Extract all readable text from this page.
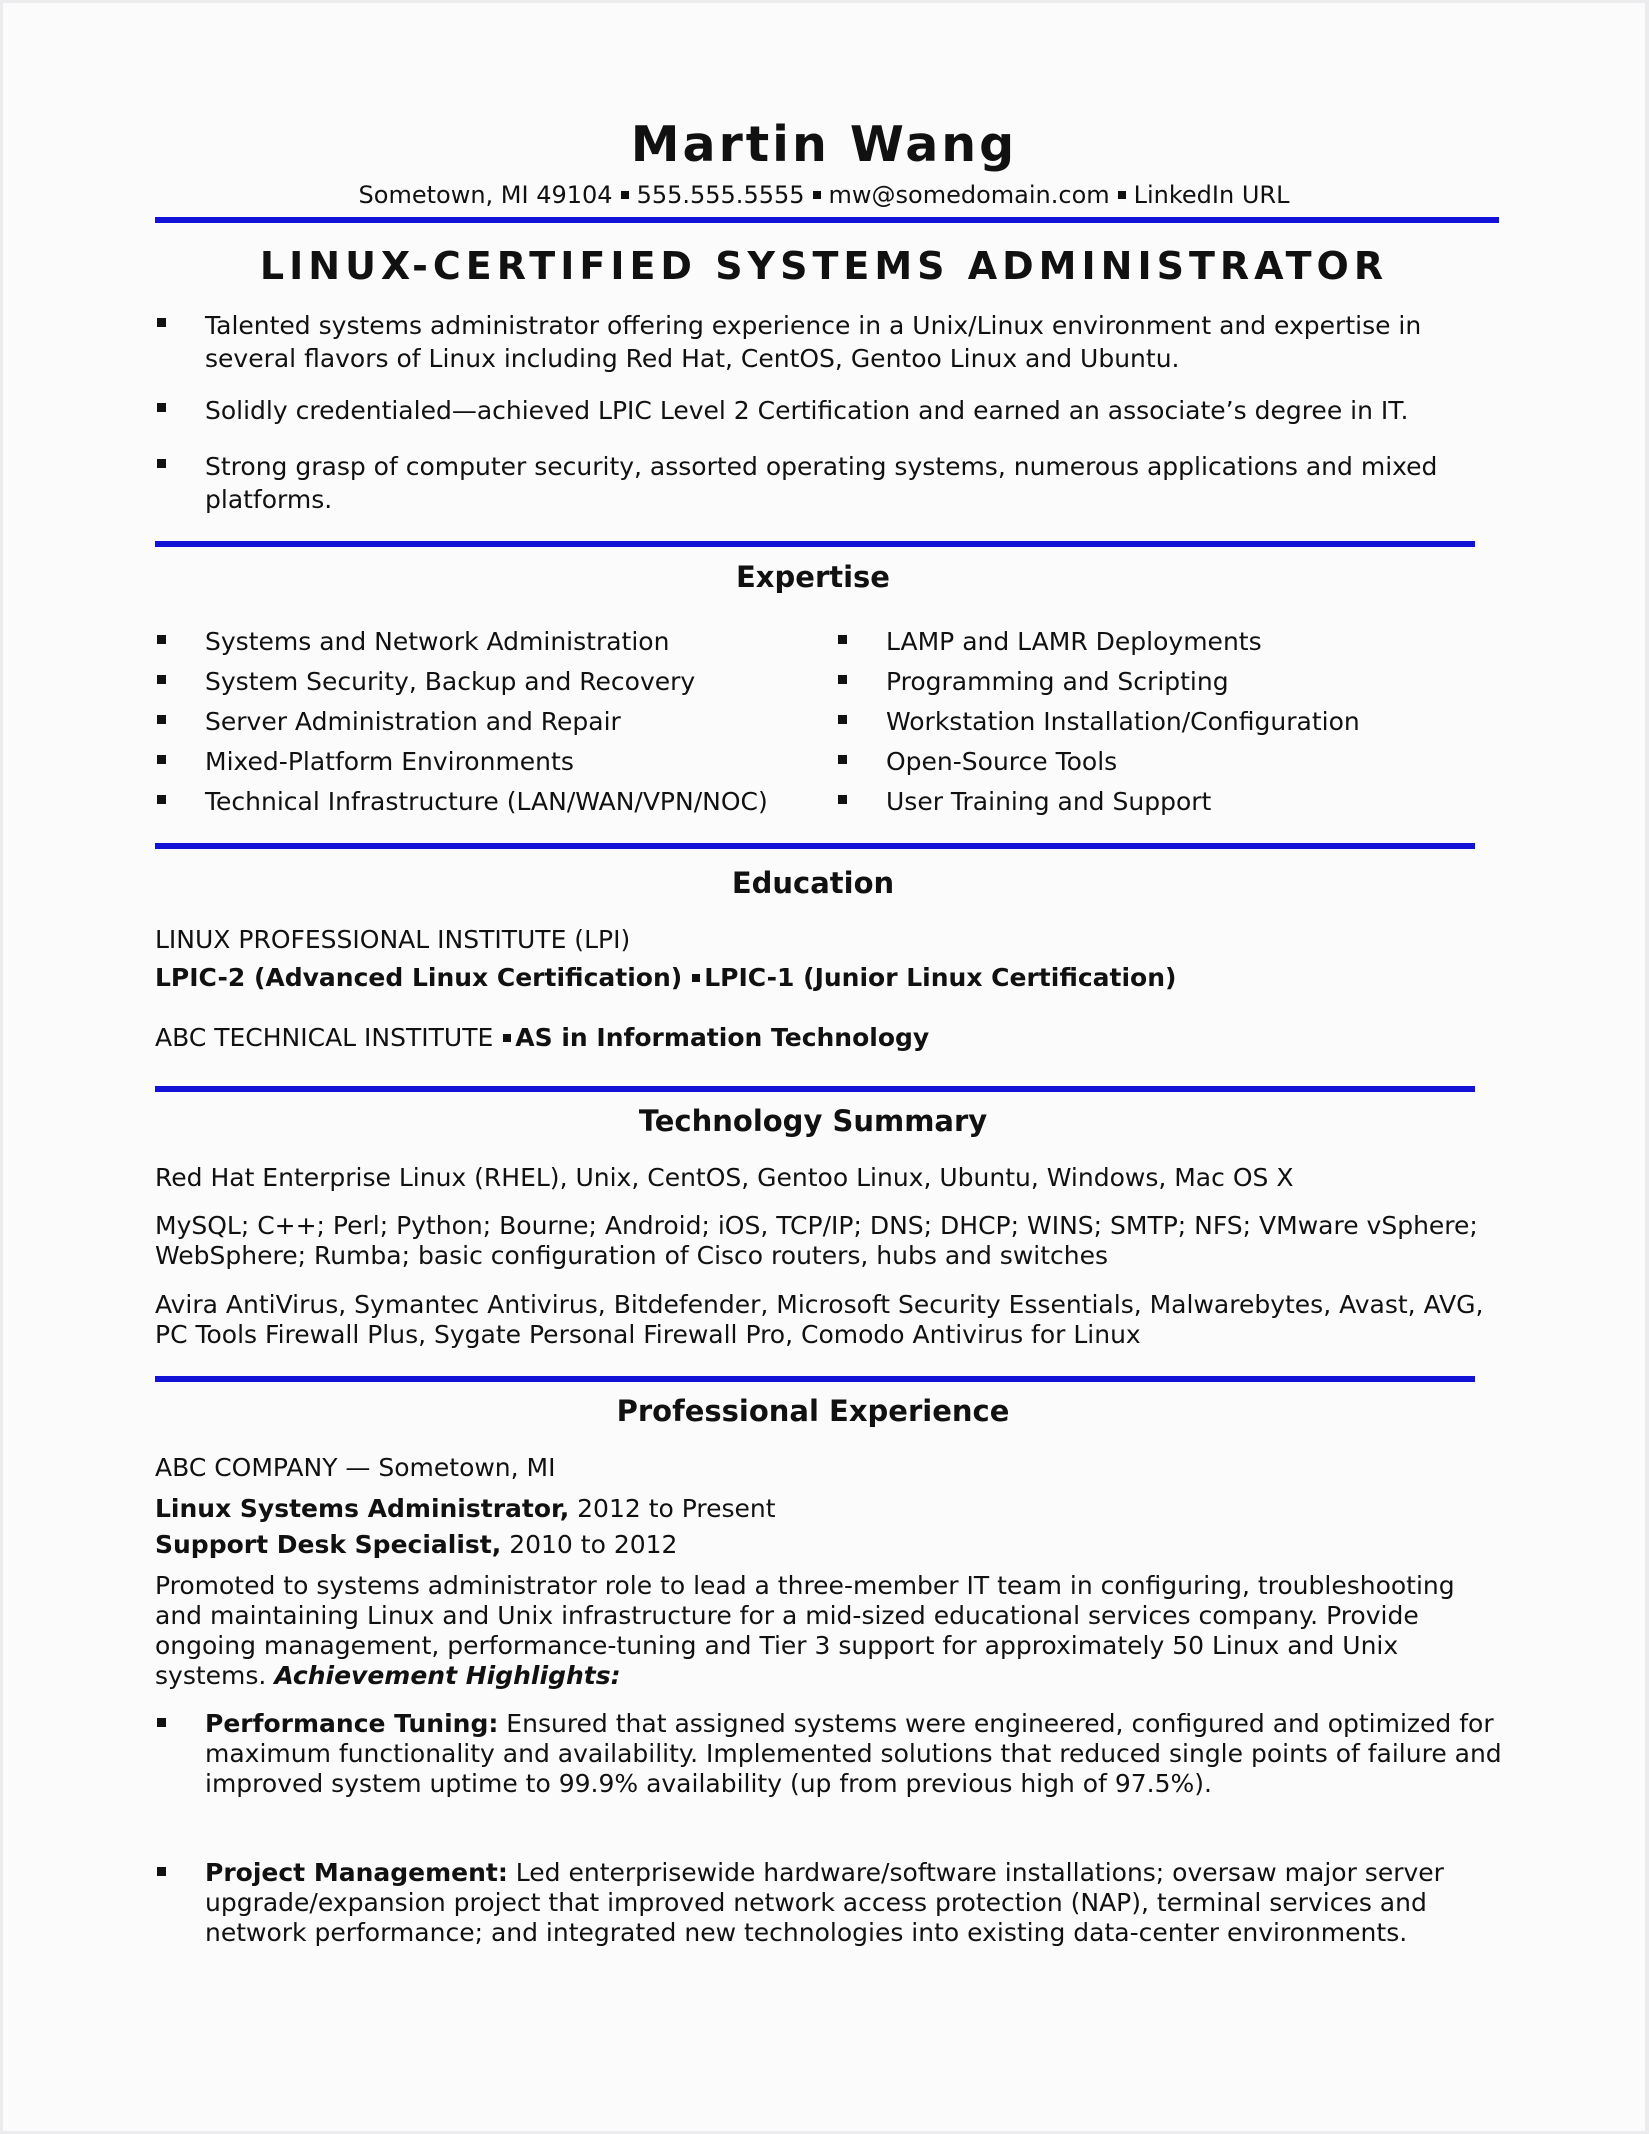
Martin Wang
Sometown, MI 49104 555.555.5555 mw@somedomain.com LinkedIn URL
LINUX-CERTIFIED SYSTEMS ADMINISTRATOR
Talented systems administrator offering experience in a Unix/Linux environment and expertise in several flavors of Linux including Red Hat, CentOS, Gentoo Linux and Ubuntu.
Solidly credentialed—achieved LPIC Level 2 Certification and earned an associate’s degree in IT.
Strong grasp of computer security, assorted operating systems, numerous applications and mixed platforms.
Expertise
Systems and Network Administration
System Security, Backup and Recovery
Server Administration and Repair
Mixed-Platform Environments
Technical Infrastructure (LAN/WAN/VPN/NOC)
LAMP and LAMR Deployments
Programming and Scripting
Workstation Installation/Configuration
Open-Source Tools
User Training and Support
Education
LINUX PROFESSIONAL INSTITUTE (LPI)
LPIC-2 (Advanced Linux Certification) LPIC-1 (Junior Linux Certification)
ABC TECHNICAL INSTITUTE AS in Information Technology
Technology Summary
Red Hat Enterprise Linux (RHEL), Unix, CentOS, Gentoo Linux, Ubuntu, Windows, Mac OS X
MySQL; C++; Perl; Python; Bourne; Android; iOS, TCP/IP; DNS; DHCP; WINS; SMTP; NFS; VMware vSphere; WebSphere; Rumba; basic configuration of Cisco routers, hubs and switches
Avira AntiVirus, Symantec Antivirus, Bitdefender, Microsoft Security Essentials, Malwarebytes, Avast, AVG, PC Tools Firewall Plus, Sygate Personal Firewall Pro, Comodo Antivirus for Linux
Professional Experience
ABC COMPANY — Sometown, MI
Linux Systems Administrator, 2012 to Present
Support Desk Specialist, 2010 to 2012
Promoted to systems administrator role to lead a three-member IT team in configuring, troubleshooting and maintaining Linux and Unix infrastructure for a mid-sized educational services company. Provide ongoing management, performance-tuning and Tier 3 support for approximately 50 Linux and Unix systems. Achievement Highlights:
Performance Tuning: Ensured that assigned systems were engineered, configured and optimized for maximum functionality and availability. Implemented solutions that reduced single points of failure and improved system uptime to 99.9% availability (up from previous high of 97.5%).
Project Management: Led enterprisewide hardware/software installations; oversaw major server upgrade/expansion project that improved network access protection (NAP), terminal services and network performance; and integrated new technologies into existing data-center environments.
